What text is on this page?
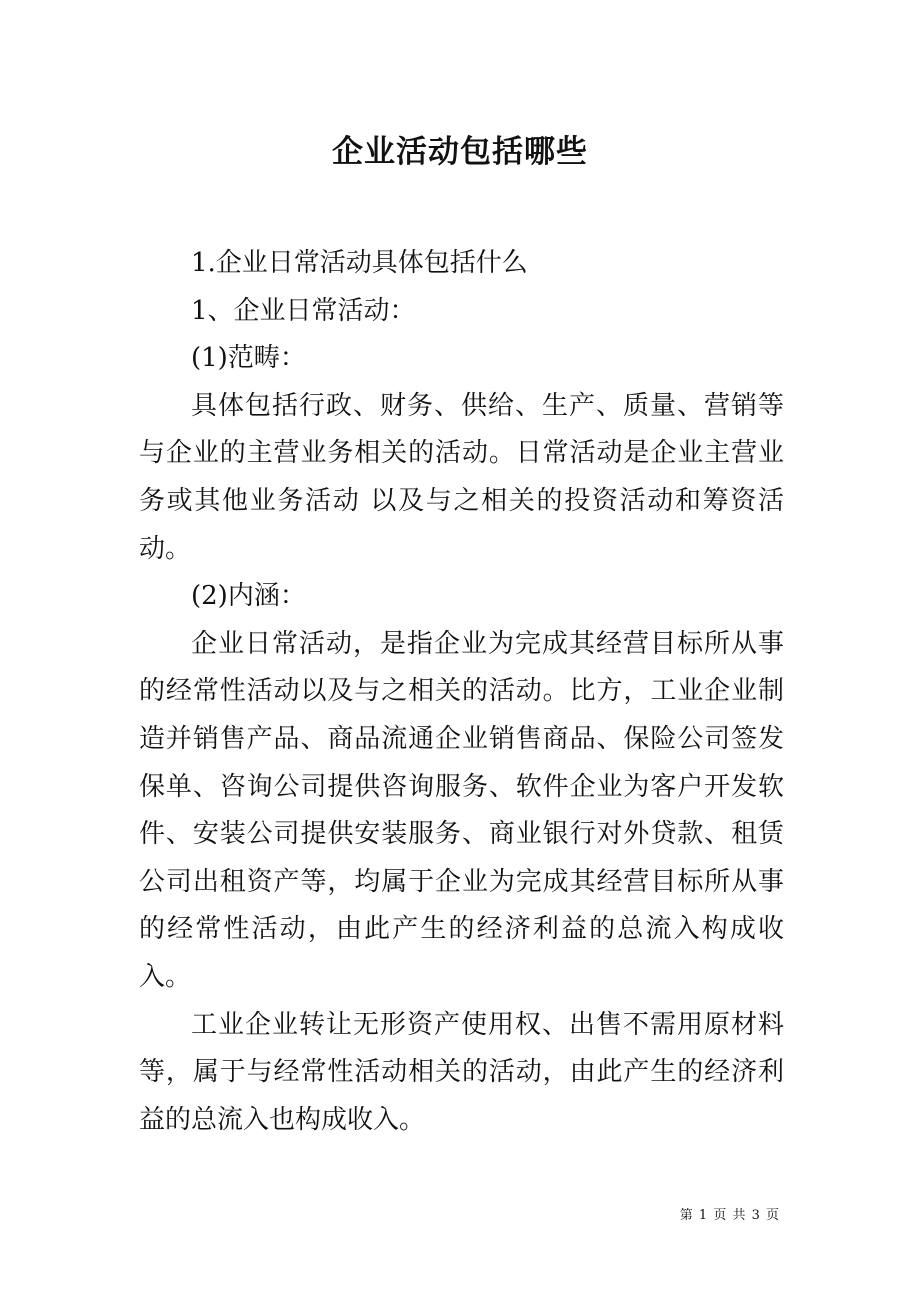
企业活动包括哪些

1.企业日常活动具体包括什么

1、企业日常活动：

(1)范畴：

具体包括行政、财务、供给、生产、质量、营销等与企业的主营业务相关的活动。日常活动是企业主营业务或其他业务活动 以及与之相关的投资活动和筹资活动。

(2)内涵：

企业日常活动，是指企业为完成其经营目标所从事的经常性活动以及与之相关的活动。比方，工业企业制造并销售产品、商品流通企业销售商品、保险公司签发保单、咨询公司提供咨询服务、软件企业为客户开发软件、安装公司提供安装服务、商业银行对外贷款、租赁公司出租资产等，均属于企业为完成其经营目标所从事的经常性活动，由此产生的经济利益的总流入构成收入。

工业企业转让无形资产使用权、出售不需用原材料等，属于与经常性活动相关的活动，由此产生的经济利益的总流入也构成收入。

第 1 页 共 3 页
